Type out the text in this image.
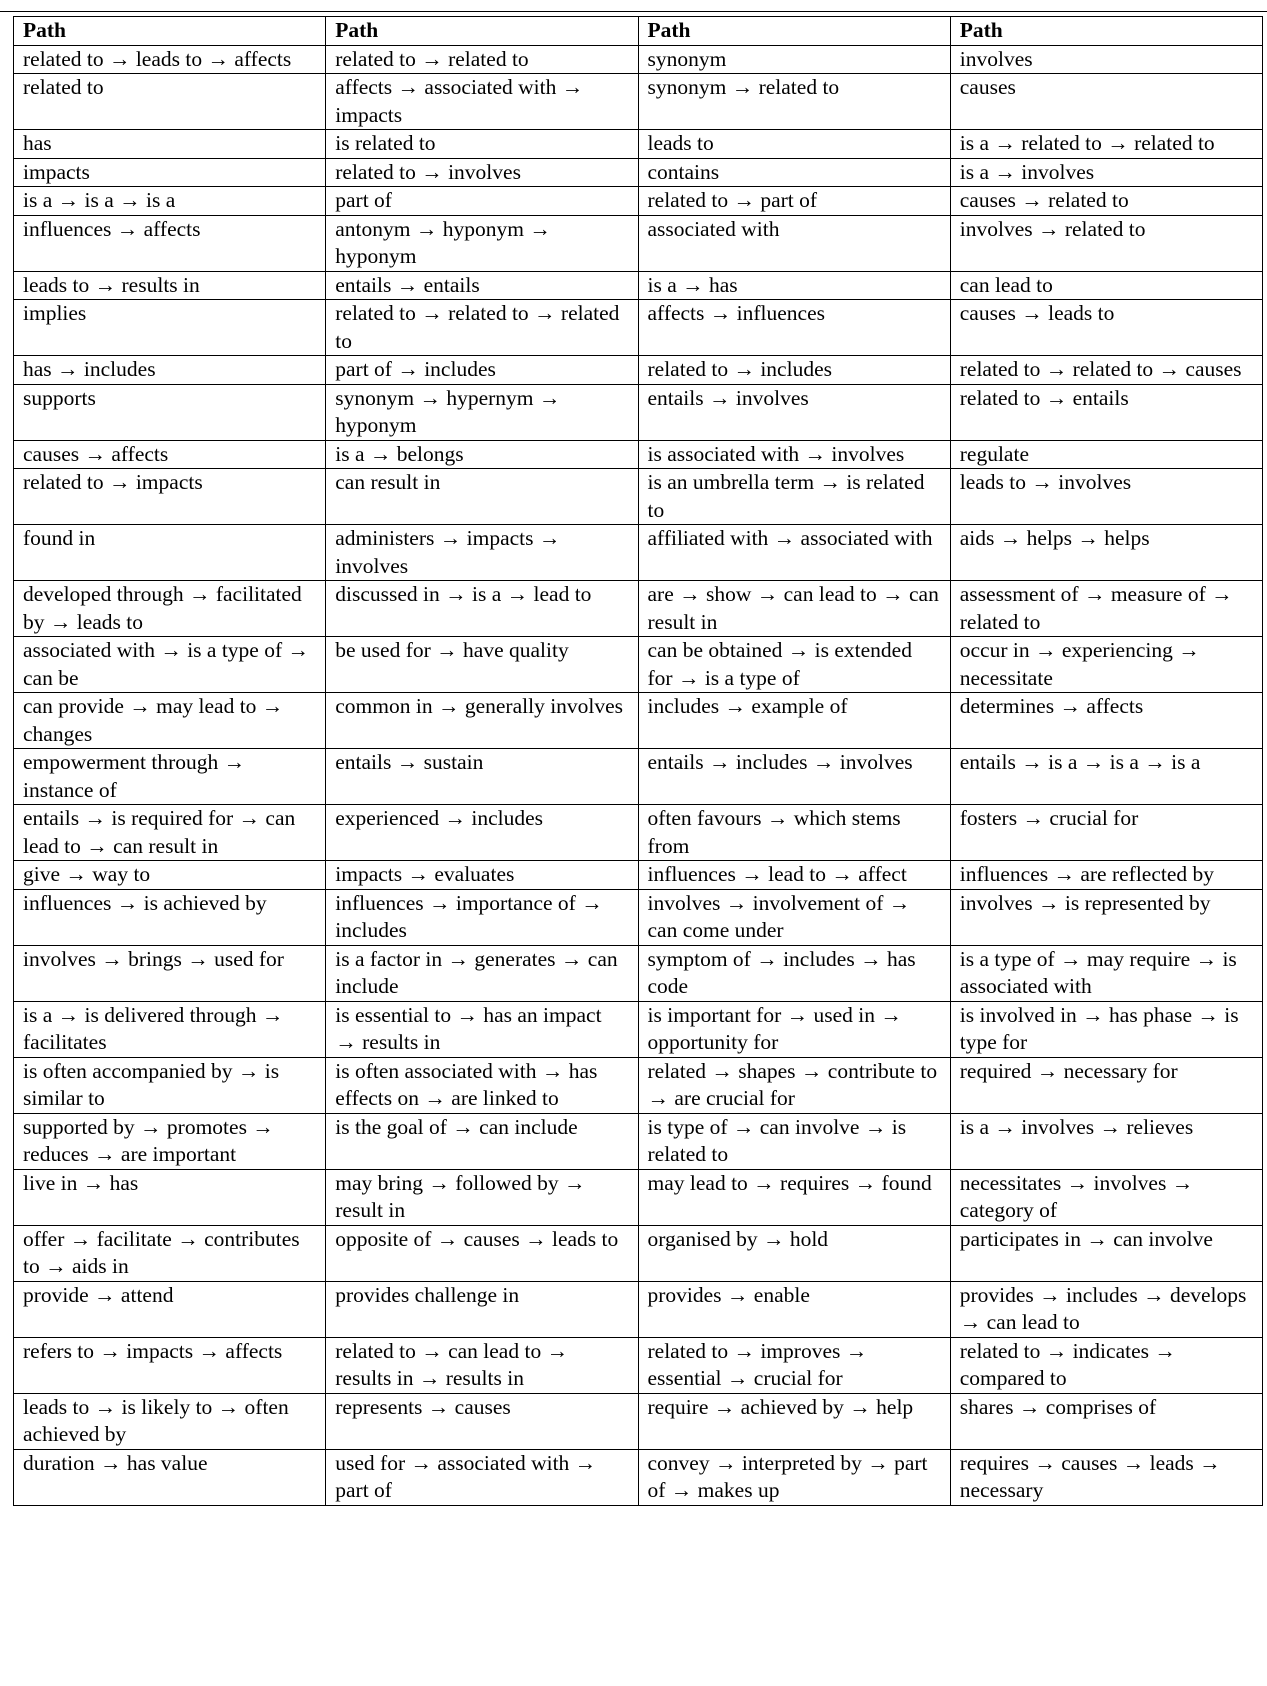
Path	Path	Path	Path
related to → leads to → affects	related to → related to	synonym	involves
related to	affects → associated with → impacts	synonym → related to	causes
has	is related to	leads to	is a → related to → related to
impacts	related to → involves	contains	is a → involves
is a → is a → is a	part of	related to → part of	causes → related to
influences → affects	antonym → hyponym → hyponym	associated with	involves → related to
leads to → results in	entails → entails	is a → has	can lead to
implies	related to → related to → related to	affects → influences	causes → leads to
has → includes	part of → includes	related to → includes	related to → related to → causes
supports	synonym → hypernym → hyponym	entails → involves	related to → entails
causes → affects	is a → belongs	is associated with → involves	regulate
related to → impacts	can result in	is an umbrella term → is related to	leads to → involves
found in	administers → impacts → involves	affiliated with → associated with	aids → helps → helps
developed through → facilitated by → leads to	discussed in → is a → lead to	are → show → can lead to → can result in	assessment of → measure of → related to
associated with → is a type of → can be	be used for → have quality	can be obtained → is extended for → is a type of	occur in → experiencing → necessitate
can provide → may lead to → changes	common in → generally involves	includes → example of	determines → affects
empowerment through → instance of	entails → sustain	entails → includes → involves	entails → is a → is a → is a
entails → is required for → can lead to → can result in	experienced → includes	often favours → which stems from	fosters → crucial for
give → way to	impacts → evaluates	influences → lead to → affect	influences → are reflected by
influences → is achieved by	influences → importance of → includes	involves → involvement of → can come under	involves → is represented by
involves → brings → used for	is a factor in → generates → can include	symptom of → includes → has code	is a type of → may require → is associated with
is a → is delivered through → facilitates	is essential to → has an impact → results in	is important for → used in → opportunity for	is involved in → has phase → is type for
is often accompanied by → is similar to	is often associated with → has effects on → are linked to	related → shapes → contribute to → are crucial for	required → necessary for
supported by → promotes → reduces → are important	is the goal of → can include	is type of → can involve → is related to	is a → involves → relieves
live in → has	may bring → followed by → result in	may lead to → requires → found	necessitates → involves → category of
offer → facilitate → contributes to → aids in	opposite of → causes → leads to	organised by → hold	participates in → can involve
provide → attend	provides challenge in	provides → enable	provides → includes → develops → can lead to
refers to → impacts → affects	related to → can lead to → results in → results in	related to → improves → essential → crucial for	related to → indicates → compared to
leads to → is likely to → often achieved by	represents → causes	require → achieved by → help	shares → comprises of
duration → has value	used for → associated with → part of	convey → interpreted by → part of → makes up	requires → causes → leads → necessary
